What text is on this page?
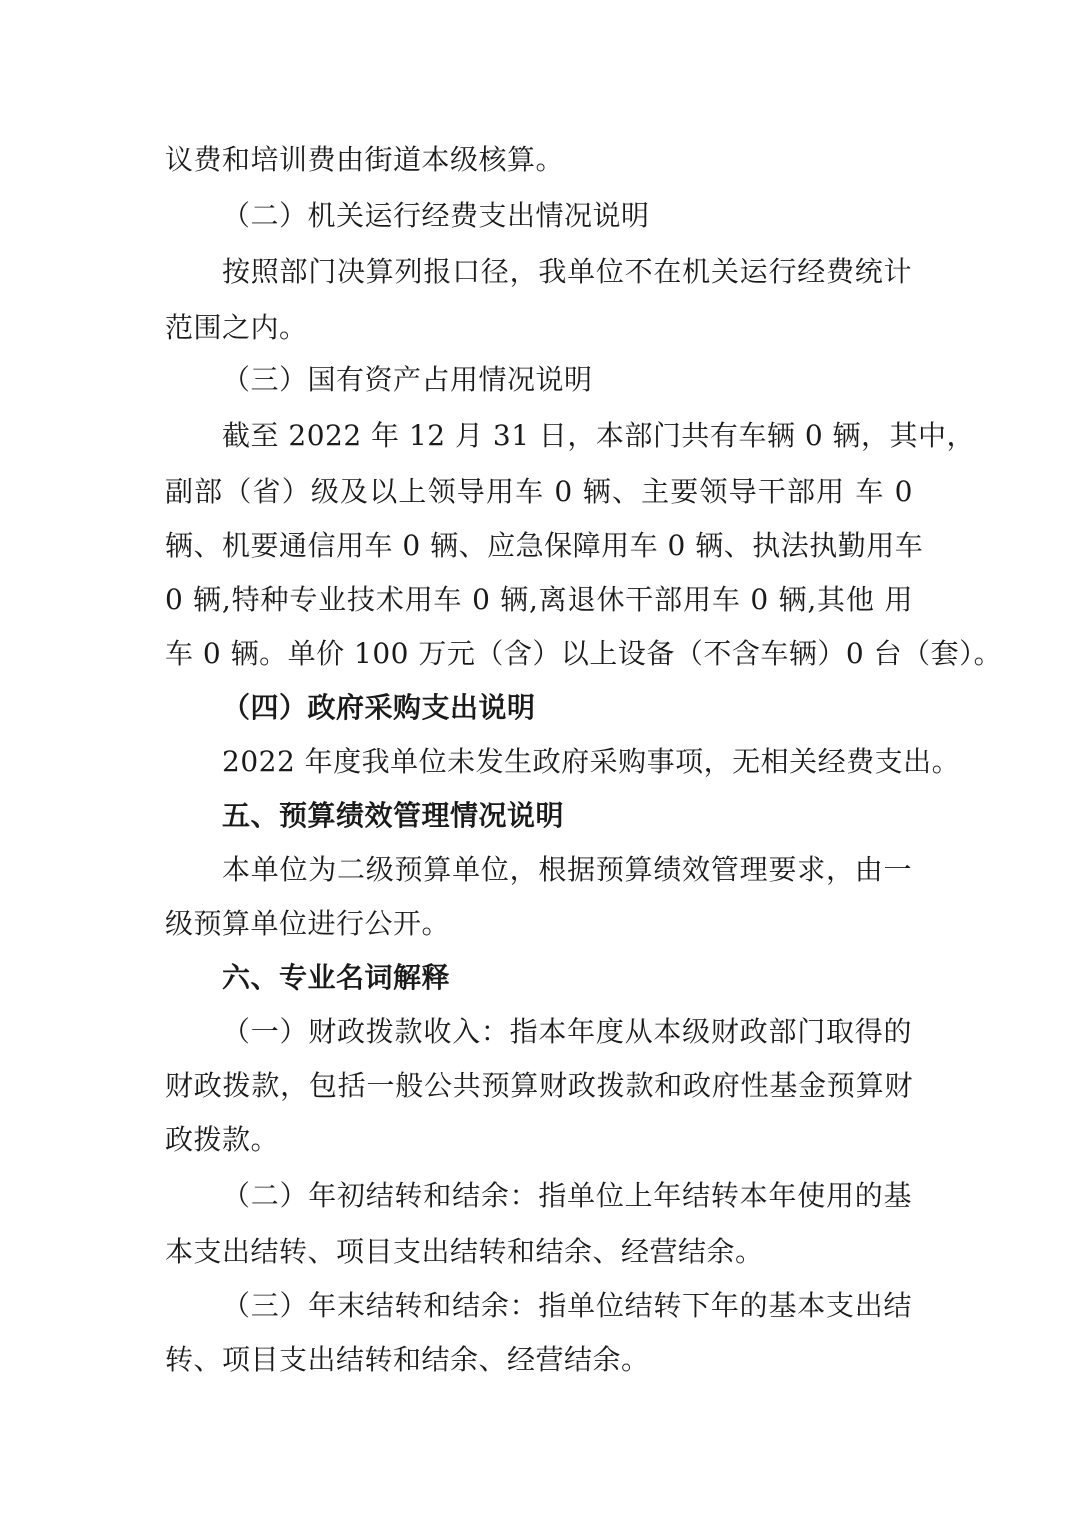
议费和培训费由街道本级核算。
（二）机关运行经费支出情况说明
按照部门决算列报口径，我单位不在机关运行经费统计
范围之内。
（三）国有资产占用情况说明
截至 2022 年 12 月 31 日，本部门共有车辆 0 辆，其中，
副部（省）级及以上领导用车 0 辆、主要领导干部用 车 0
辆、机要通信用车 0 辆、应急保障用车 0 辆、执法执勤用车
0 辆,特种专业技术用车 0 辆,离退休干部用车 0 辆,其他 用
车 0 辆。单价 100 万元（含）以上设备（不含车辆）0 台（套）。
（四）政府采购支出说明
2022 年度我单位未发生政府采购事项，无相关经费支出。
五、预算绩效管理情况说明
本单位为二级预算单位，根据预算绩效管理要求，由一
级预算单位进行公开。
六、专业名词解释
（一）财政拨款收入：指本年度从本级财政部门取得的
财政拨款，包括一般公共预算财政拨款和政府性基金预算财
政拨款。
（二）年初结转和结余：指单位上年结转本年使用的基
本支出结转、项目支出结转和结余、经营结余。
（三）年末结转和结余：指单位结转下年的基本支出结
转、项目支出结转和结余、经营结余。
